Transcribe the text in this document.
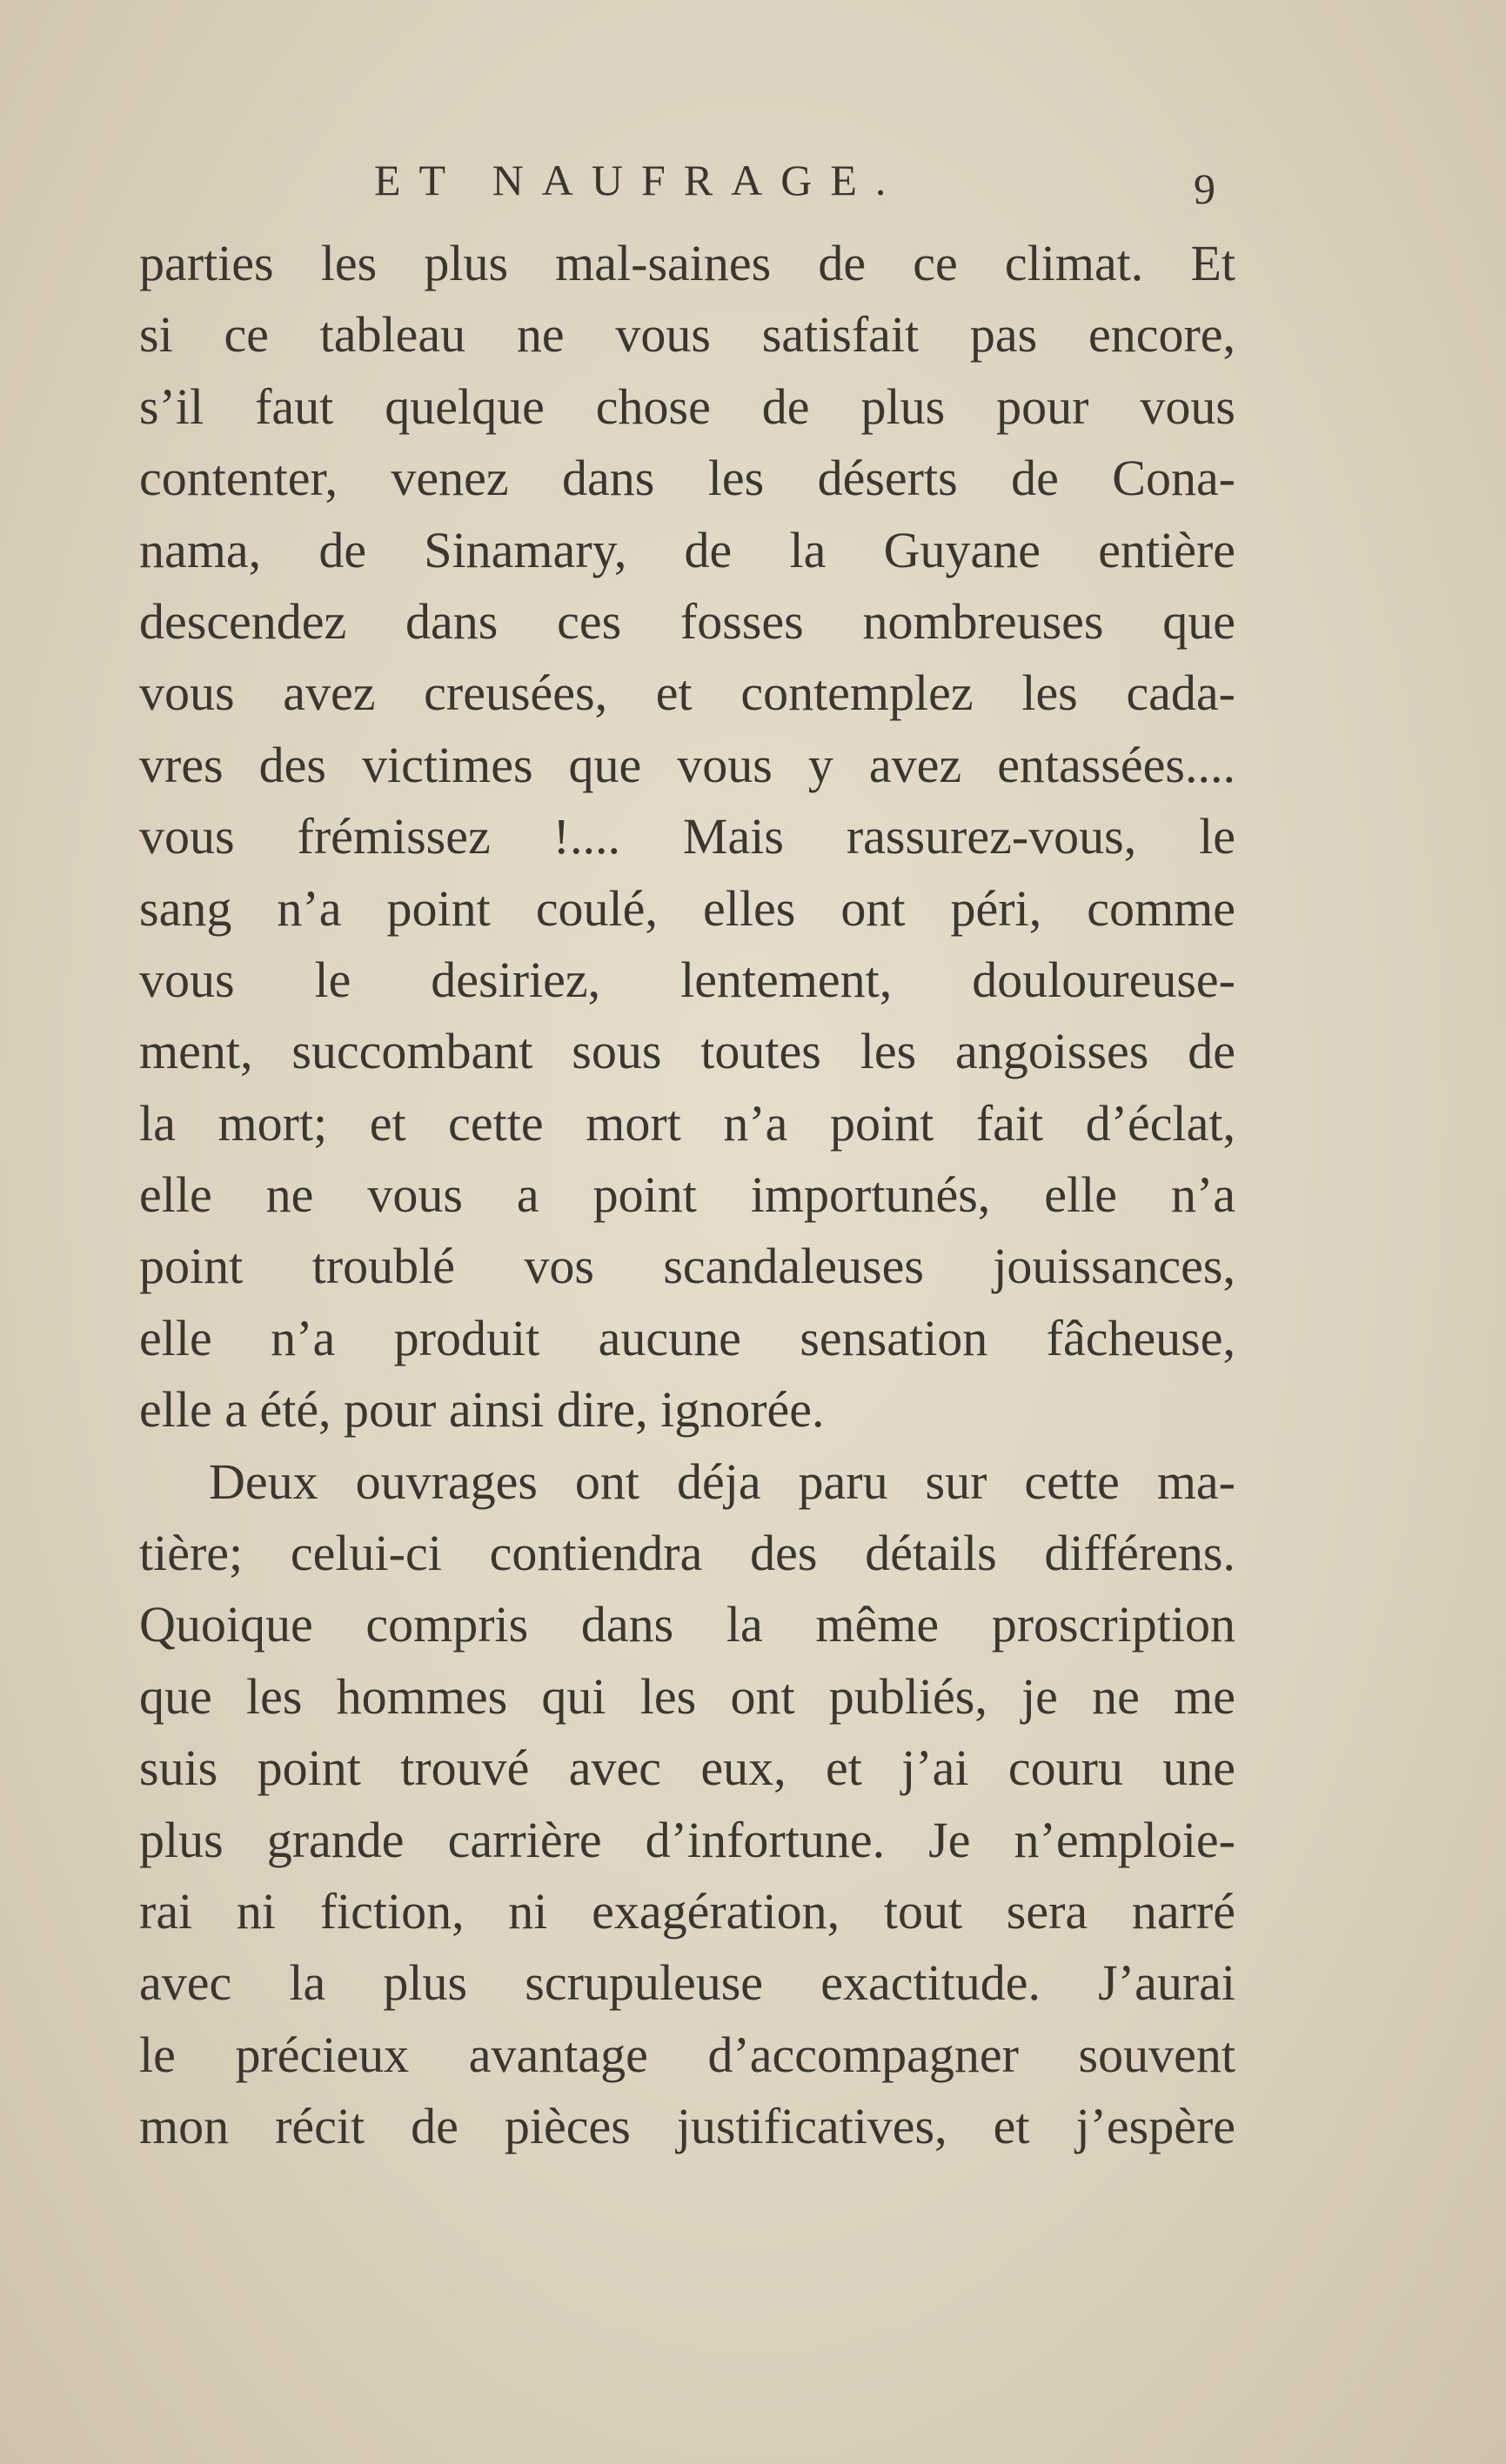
ET NAUFRAGE.	9
parties les plus mal-saines de ce climat. Et
si ce tableau ne vous satisfait pas encore,
s’il faut quelque chose de plus pour vous
contenter, venez dans les déserts de Cona-
nama, de Sinamary, de la Guyane entière
descendez dans ces fosses nombreuses que
vous avez creusées, et contemplez les cada-
vres des victimes que vous y avez entassées....
vous frémissez !.... Mais rassurez-vous, le
sang n’a point coulé, elles ont péri, comme
vous le desiriez, lentement, douloureuse-
ment, succombant sous toutes les angoisses de
la mort; et cette mort n’a point fait d’éclat,
elle ne vous a point importunés, elle n’a
point troublé vos scandaleuses jouissances,
elle n’a produit aucune sensation fâcheuse,
elle a été, pour ainsi dire, ignorée.
Deux ouvrages ont déja paru sur cette ma-
tière; celui-ci contiendra des détails différens.
Quoique compris dans la même proscription
que les hommes qui les ont publiés, je ne me
suis point trouvé avec eux, et j’ai couru une
plus grande carrière d’infortune. Je n’emploie-
rai ni fiction, ni exagération, tout sera narré
avec la plus scrupuleuse exactitude. J’aurai
le précieux avantage d’accompagner souvent
mon récit de pièces justificatives, et j’espère
